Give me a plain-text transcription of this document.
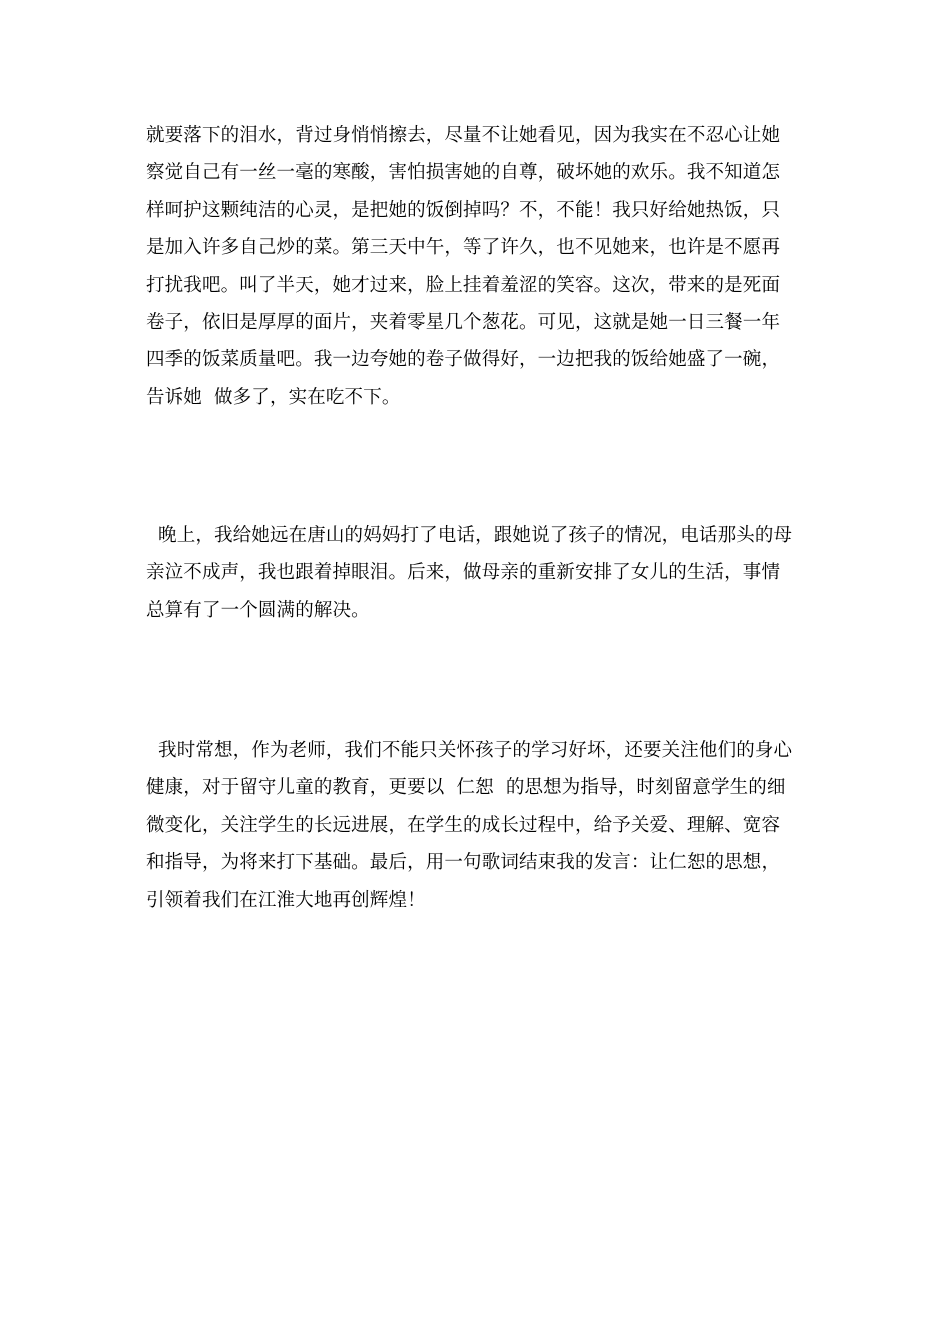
就要落下的泪水，背过身悄悄擦去，尽量不让她看见，因为我实在不忍心让她
察觉自己有一丝一毫的寒酸，害怕损害她的自尊，破坏她的欢乐。我不知道怎
样呵护这颗纯洁的心灵，是把她的饭倒掉吗？不，不能！我只好给她热饭，只
是加入许多自己炒的菜。第三天中午，等了许久，也不见她来，也许是不愿再
打扰我吧。叫了半天，她才过来，脸上挂着羞涩的笑容。这次，带来的是死面
卷子，依旧是厚厚的面片，夹着零星几个葱花。可见，这就是她一日三餐一年
四季的饭菜质量吧。我一边夸她的卷子做得好，一边把我的饭给她盛了一碗，
告诉她  做多了，实在吃不下。
晚上，我给她远在唐山的妈妈打了电话，跟她说了孩子的情况，电话那头的母
亲泣不成声，我也跟着掉眼泪。后来，做母亲的重新安排了女儿的生活，事情
总算有了一个圆满的解决。
我时常想，作为老师，我们不能只关怀孩子的学习好坏，还要关注他们的身心
健康，对于留守儿童的教育，更要以  仁恕  的思想为指导，时刻留意学生的细
微变化，关注学生的长远进展，在学生的成长过程中，给予关爱、理解、宽容
和指导，为将来打下基础。最后，用一句歌词结束我的发言：让仁恕的思想，
引领着我们在江淮大地再创辉煌！
